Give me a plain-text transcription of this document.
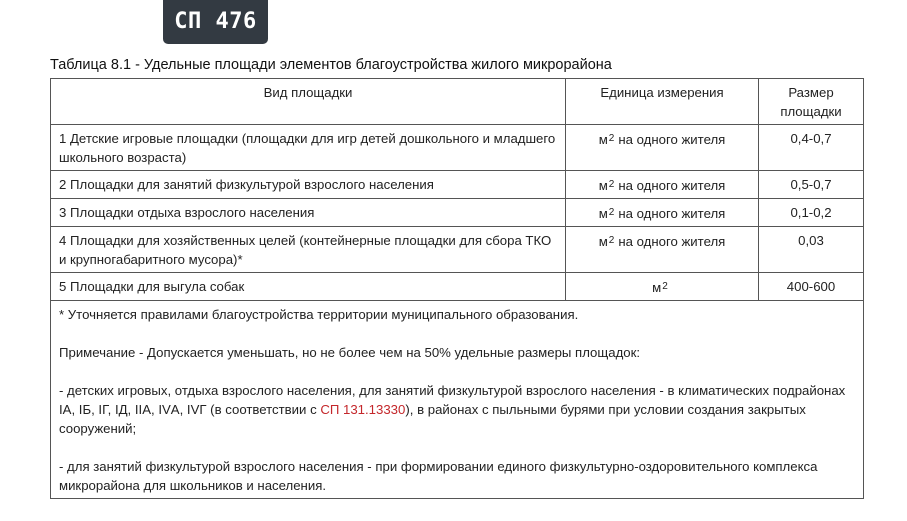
СП 476
Таблица 8.1 - Удельные площади элементов благоустройства жилого микрорайона
Вид площадки	Единица измерения	Размер площадки
1 Детские игровые площадки (площадки для игр детей дошкольного и младшего школьного возраста)	$м^2$ на одного жителя	0,4-0,7
2 Площадки для занятий физкультурой взрослого населения	$м^2$ на одного жителя	0,5-0,7
3 Площадки отдыха взрослого населения	$м^2$ на одного жителя	0,1-0,2
4 Площадки для хозяйственных целей (контейнерные площадки для сбора ТКО и крупногабаритного мусора)*	$м^2$ на одного жителя	0,03
5 Площадки для выгула собак	$м^2$	400-600

* Уточняется правилами благоустройства территории муниципального образования.

Примечание - Допускается уменьшать, но не более чем на 50% удельные размеры площадок:

- детских игровых, отдыха взрослого населения, для занятий физкультурой взрослого населения - в климатических подрайонах IА, IБ, IГ, IД, IIА, IVА, IVГ (в соответствии с СП 131.13330), в районах с пыльными бурями при условии создания закрытых сооружений;

- для занятий физкультурой взрослого населения - при формировании единого физкультурно-оздоровительного комплекса микрорайона для школьников и населения.		
